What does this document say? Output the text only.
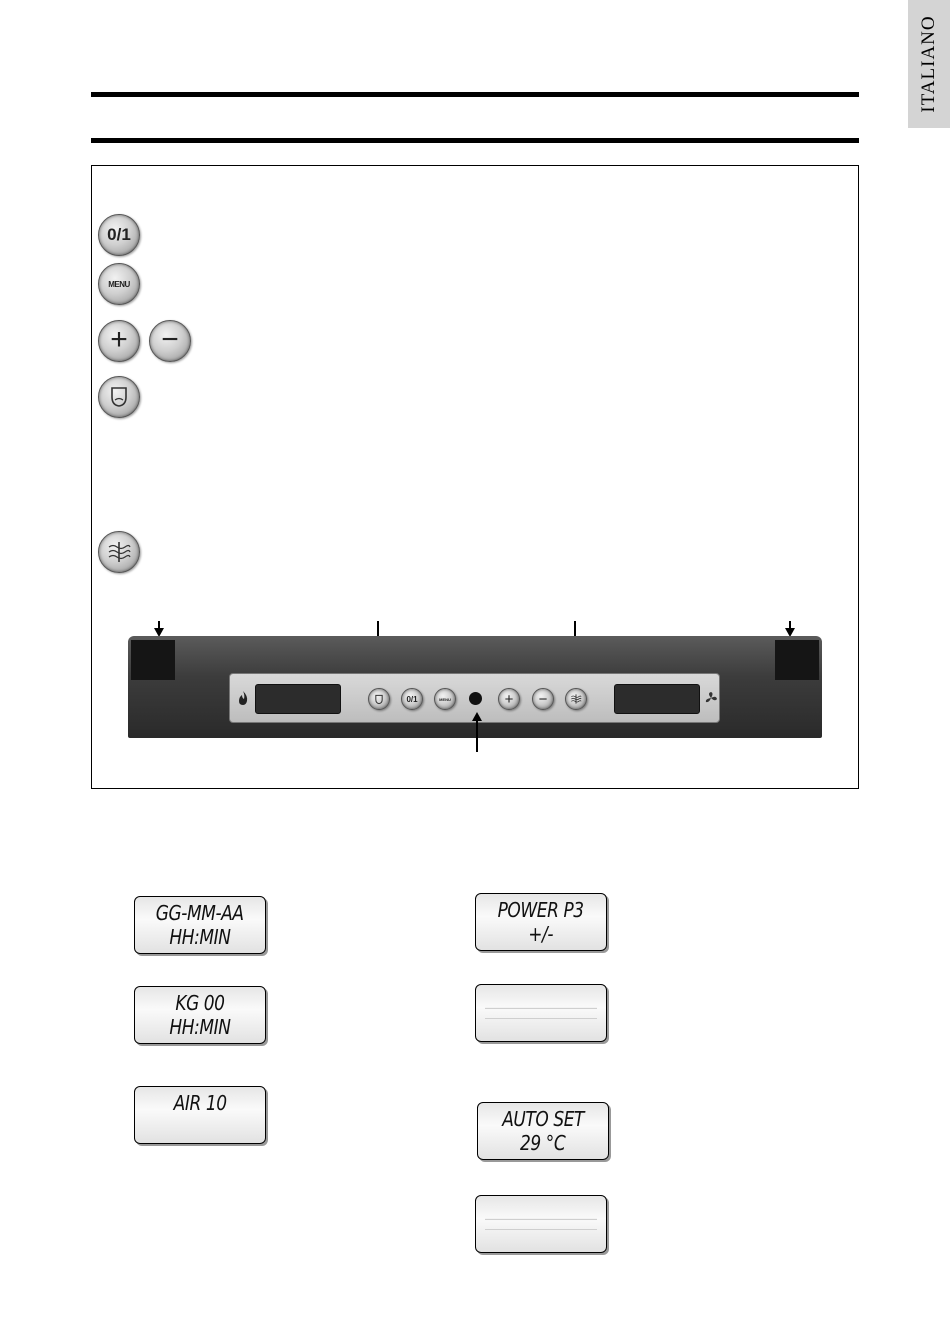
ITALIANO
0/1
MENU
+ −
0/1	MENU	+ −
GG-MM-AA
HH:MIN
POWER P3
+/-
KG 00
HH:MIN
AIR 10
AUTO SET
29 °C
